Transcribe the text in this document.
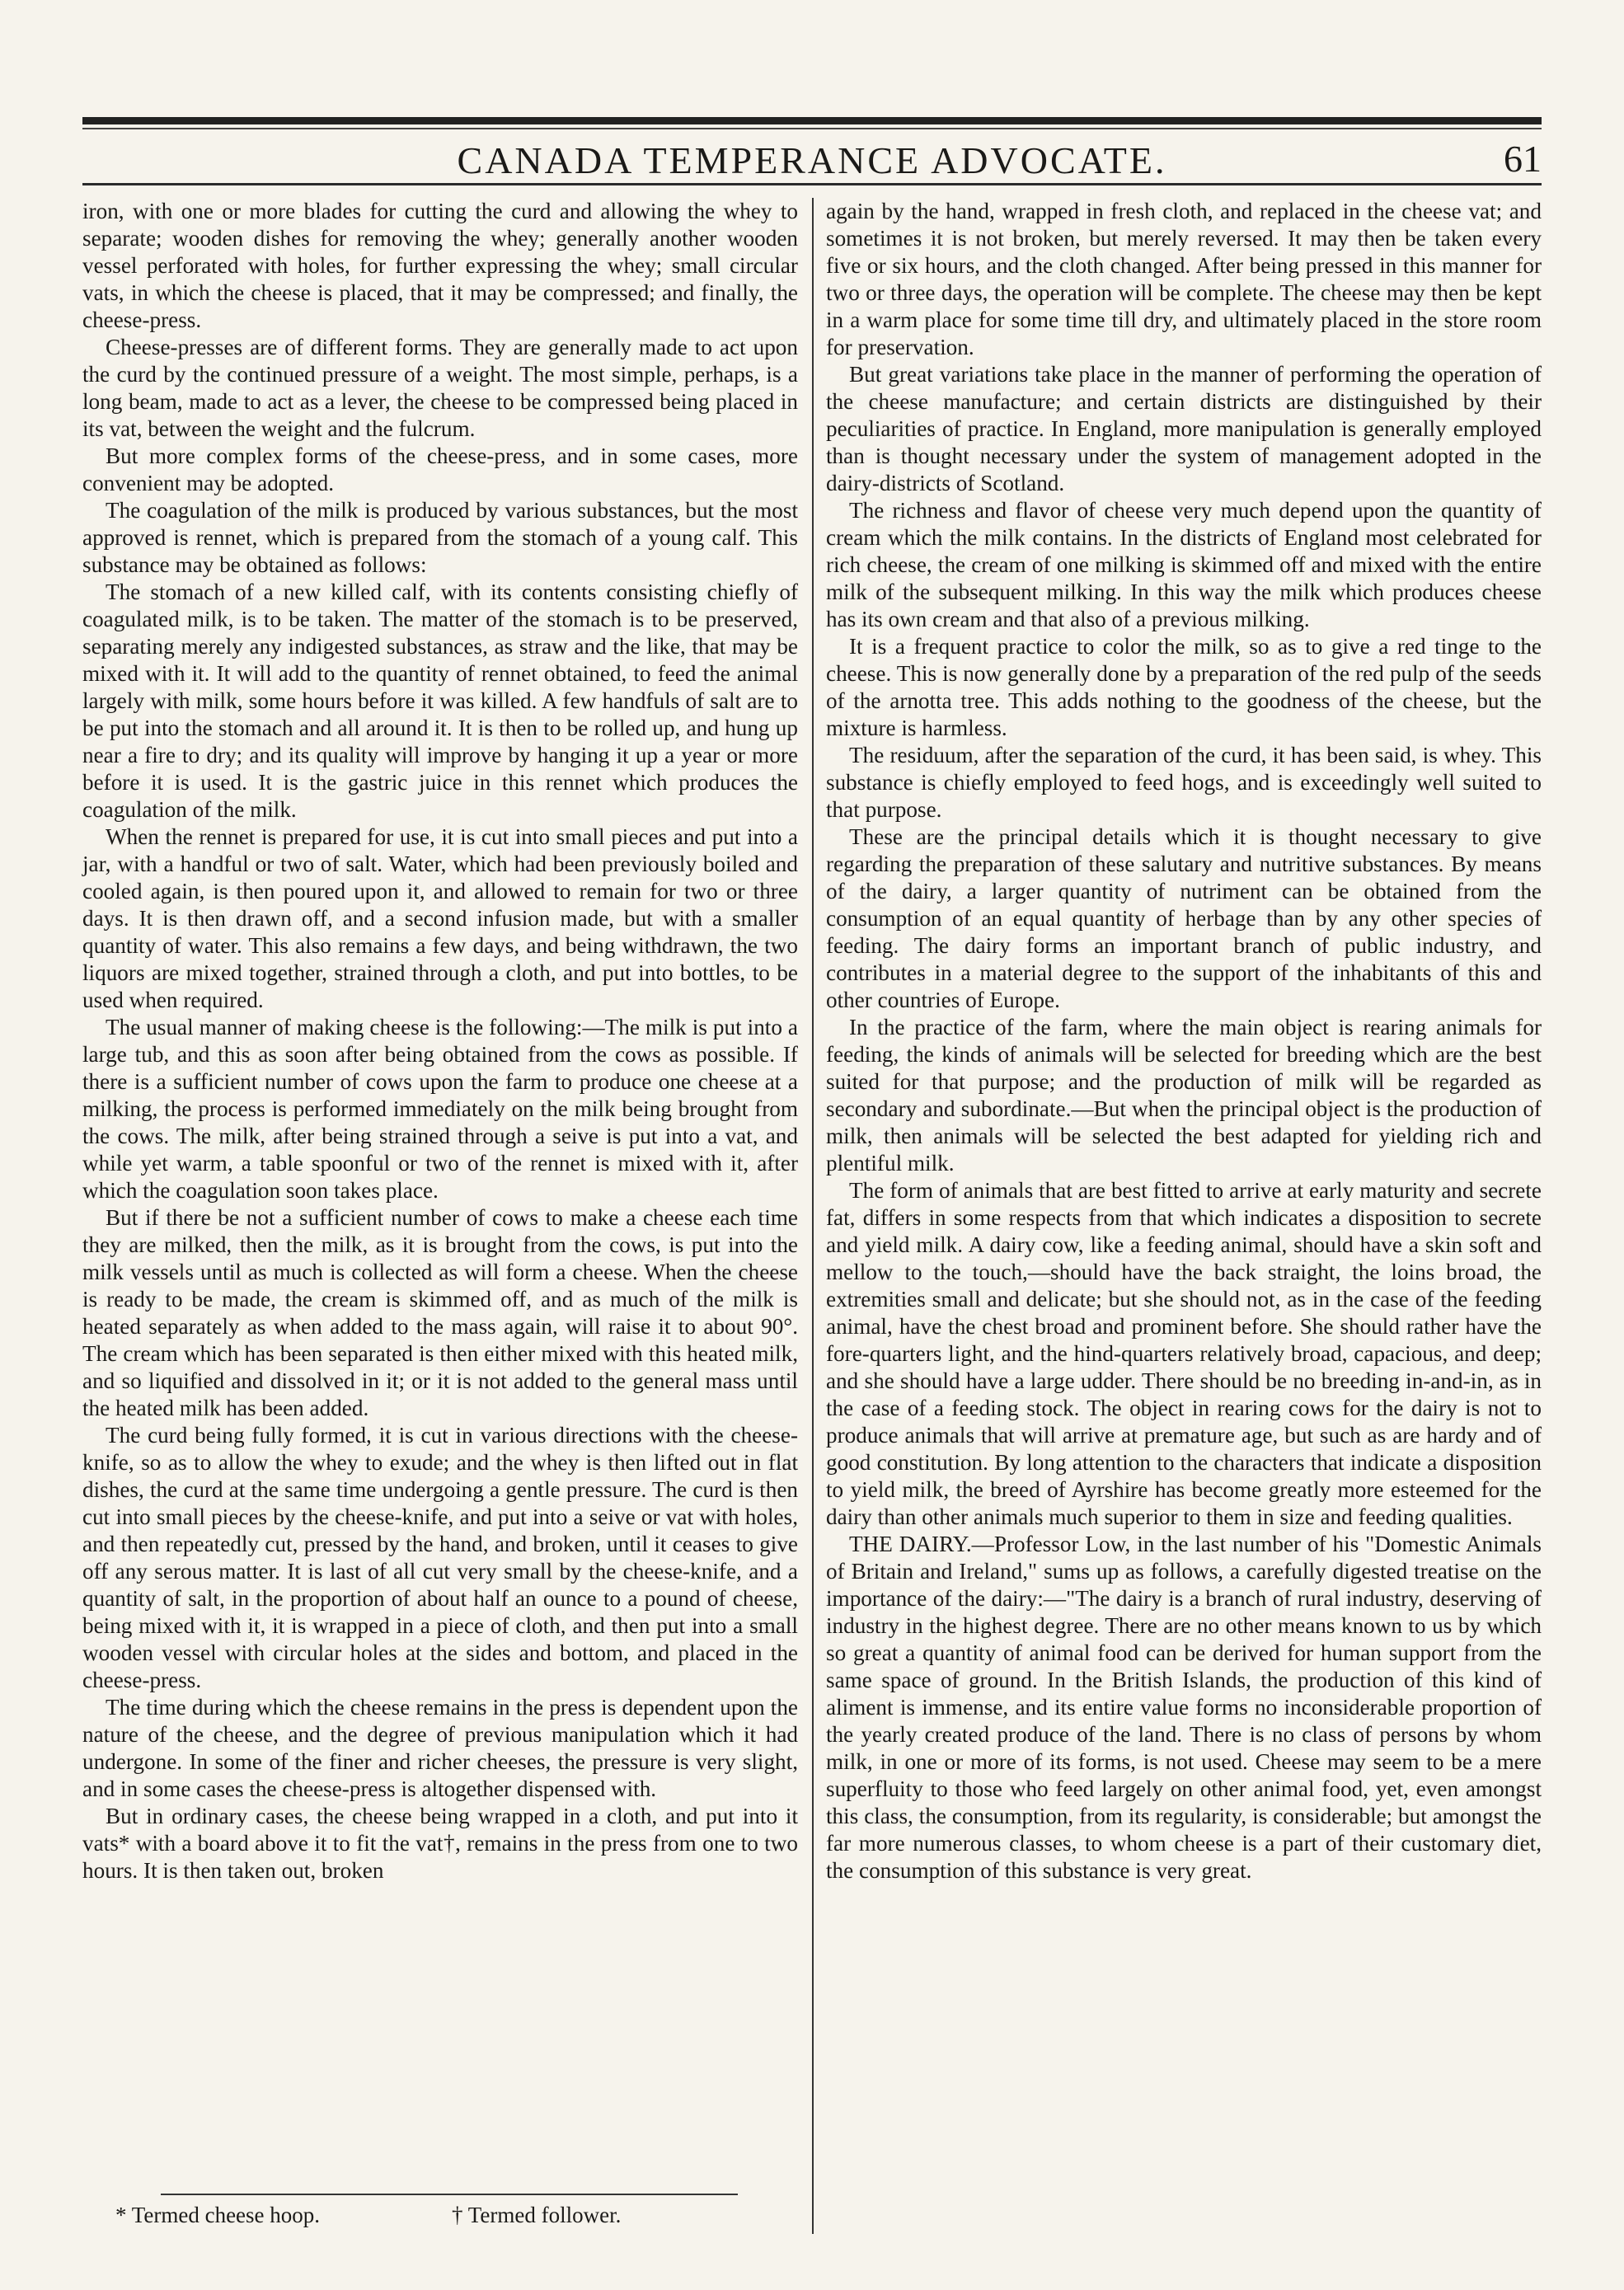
CANADA TEMPERANCE ADVOCATE.	61

iron, with one or more blades for cutting the curd and allowing the whey to separate; wooden dishes for removing the whey; generally another wooden vessel perforated with holes, for further expressing the whey; small circular vats, in which the cheese is placed, that it may be compressed; and finally, the cheese-press.

Cheese-presses are of different forms. They are generally made to act upon the curd by the continued pressure of a weight. The most simple, perhaps, is a long beam, made to act as a lever, the cheese to be compressed being placed in its vat, between the weight and the fulcrum.

But more complex forms of the cheese-press, and in some cases, more convenient may be adopted.

The coagulation of the milk is produced by various substances, but the most approved is rennet, which is prepared from the stomach of a young calf. This substance may be obtained as follows:

The stomach of a new killed calf, with its contents consisting chiefly of coagulated milk, is to be taken. The matter of the stomach is to be preserved, separating merely any indigested substances, as straw and the like, that may be mixed with it. It will add to the quantity of rennet obtained, to feed the animal largely with milk, some hours before it was killed. A few handfuls of salt are to be put into the stomach and all around it. It is then to be rolled up, and hung up near a fire to dry; and its quality will improve by hanging it up a year or more before it is used. It is the gastric juice in this rennet which produces the coagulation of the milk.

When the rennet is prepared for use, it is cut into small pieces and put into a jar, with a handful or two of salt. Water, which had been previously boiled and cooled again, is then poured upon it, and allowed to remain for two or three days. It is then drawn off, and a second infusion made, but with a smaller quantity of water. This also remains a few days, and being withdrawn, the two liquors are mixed together, strained through a cloth, and put into bottles, to be used when required.

The usual manner of making cheese is the following:—The milk is put into a large tub, and this as soon after being obtained from the cows as possible. If there is a sufficient number of cows upon the farm to produce one cheese at a milking, the process is performed immediately on the milk being brought from the cows. The milk, after being strained through a seive is put into a vat, and while yet warm, a table spoonful or two of the rennet is mixed with it, after which the coagulation soon takes place.

But if there be not a sufficient number of cows to make a cheese each time they are milked, then the milk, as it is brought from the cows, is put into the milk vessels until as much is collected as will form a cheese. When the cheese is ready to be made, the cream is skimmed off, and as much of the milk is heated separately as when added to the mass again, will raise it to about 90°. The cream which has been separated is then either mixed with this heated milk, and so liquified and dissolved in it; or it is not added to the general mass until the heated milk has been added.

The curd being fully formed, it is cut in various directions with the cheese-knife, so as to allow the whey to exude; and the whey is then lifted out in flat dishes, the curd at the same time undergoing a gentle pressure. The curd is then cut into small pieces by the cheese-knife, and put into a seive or vat with holes, and then repeatedly cut, pressed by the hand, and broken, until it ceases to give off any serous matter. It is last of all cut very small by the cheese-knife, and a quantity of salt, in the proportion of about half an ounce to a pound of cheese, being mixed with it, it is wrapped in a piece of cloth, and then put into a small wooden vessel with circular holes at the sides and bottom, and placed in the cheese-press.

The time during which the cheese remains in the press is dependent upon the nature of the cheese, and the degree of previous manipulation which it had undergone. In some of the finer and richer cheeses, the pressure is very slight, and in some cases the cheese-press is altogether dispensed with.

But in ordinary cases, the cheese being wrapped in a cloth, and put into it vats* with a board above it to fit the vat†, remains in the press from one to two hours. It is then taken out, broken

again by the hand, wrapped in fresh cloth, and replaced in the cheese vat; and sometimes it is not broken, but merely reversed. It may then be taken every five or six hours, and the cloth changed. After being pressed in this manner for two or three days, the operation will be complete. The cheese may then be kept in a warm place for some time till dry, and ultimately placed in the store room for preservation.

But great variations take place in the manner of performing the operation of the cheese manufacture; and certain districts are distinguished by their peculiarities of practice. In England, more manipulation is generally employed than is thought necessary under the system of management adopted in the dairy-districts of Scotland.

The richness and flavor of cheese very much depend upon the quantity of cream which the milk contains. In the districts of England most celebrated for rich cheese, the cream of one milking is skimmed off and mixed with the entire milk of the subsequent milking. In this way the milk which produces cheese has its own cream and that also of a previous milking.

It is a frequent practice to color the milk, so as to give a red tinge to the cheese. This is now generally done by a preparation of the red pulp of the seeds of the arnotta tree. This adds nothing to the goodness of the cheese, but the mixture is harmless.

The residuum, after the separation of the curd, it has been said, is whey. This substance is chiefly employed to feed hogs, and is exceedingly well suited to that purpose.

These are the principal details which it is thought necessary to give regarding the preparation of these salutary and nutritive substances. By means of the dairy, a larger quantity of nutriment can be obtained from the consumption of an equal quantity of herbage than by any other species of feeding. The dairy forms an important branch of public industry, and contributes in a material degree to the support of the inhabitants of this and other countries of Europe.

In the practice of the farm, where the main object is rearing animals for feeding, the kinds of animals will be selected for breeding which are the best suited for that purpose; and the production of milk will be regarded as secondary and subordinate.—But when the principal object is the production of milk, then animals will be selected the best adapted for yielding rich and plentiful milk.

The form of animals that are best fitted to arrive at early maturity and secrete fat, differs in some respects from that which indicates a disposition to secrete and yield milk. A dairy cow, like a feeding animal, should have a skin soft and mellow to the touch,—should have the back straight, the loins broad, the extremities small and delicate; but she should not, as in the case of the feeding animal, have the chest broad and prominent before. She should rather have the fore-quarters light, and the hind-quarters relatively broad, capacious, and deep; and she should have a large udder. There should be no breeding in-and-in, as in the case of a feeding stock. The object in rearing cows for the dairy is not to produce animals that will arrive at premature age, but such as are hardy and of good constitution. By long attention to the characters that indicate a disposition to yield milk, the breed of Ayrshire has become greatly more esteemed for the dairy than other animals much superior to them in size and feeding qualities.

THE DAIRY.—Professor Low, in the last number of his "Domestic Animals of Britain and Ireland," sums up as follows, a carefully digested treatise on the importance of the dairy:—"The dairy is a branch of rural industry, deserving of industry in the highest degree. There are no other means known to us by which so great a quantity of animal food can be derived for human support from the same space of ground. In the British Islands, the production of this kind of aliment is immense, and its entire value forms no inconsiderable proportion of the yearly created produce of the land. There is no class of persons by whom milk, in one or more of its forms, is not used. Cheese may seem to be a mere superfluity to those who feed largely on other animal food, yet, even amongst this class, the consumption, from its regularity, is considerable; but amongst the far more numerous classes, to whom cheese is a part of their customary diet, the consumption of this substance is very great.

* Termed cheese hoop.	† Termed follower.
